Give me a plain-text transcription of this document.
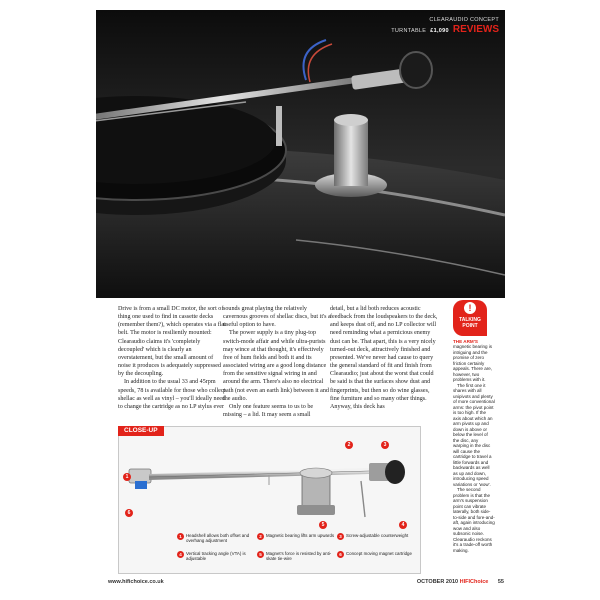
CLEARAUDIO CONCEPT
TURNTABLE £1,090 REVIEWS

Drive is from a small DC motor, the sort of thing one used to find in cassette decks (remember them?), which operates via a flat belt. The motor is resiliently mounted: Clearaudio claims it's 'completely decoupled' which is clearly an overstatement, but the small amount of noise it produces is adequately suppressed by the decoupling.

In addition to the usual 33 and 45rpm speeds, 78 is available for those who collect shellac as well as vinyl – you'll ideally need to change the cartridge as no LP stylus ever

sounds great playing the relatively cavernous grooves of shellac discs, but it's a useful option to have.

The power supply is a tiny plug-top switch-mode affair and while ultra-purists may wince at that thought, it's effectively free of hum fields and both it and its associated wiring are a good long distance from the sensitive signal wiring in and around the arm. There's also no electrical path (not even an earth link) between it and the audio.

Only one feature seems to us to be missing – a lid. It may seem a small

detail, but a lid both reduces acoustic feedback from the loudspeakers to the deck, and keeps dust off, and no LP collector will need reminding what a pernicious enemy dust can be. That apart, this is a very nicely turned-out deck, attractively finished and presented. We've never had cause to query the general standard of fit and finish from Clearaudio; just about the worst that could be said is that the surfaces show dust and fingerprints, but then so do wine glasses, fine furniture and so many other things. Anyway, this deck has

!
TALKING
POINT
THE ARM'S

magnetic bearing is intriguing and the promise of zero friction certainly appeals. There are, however, two problems with it.

The first one it shares with all unipivots and plenty of more conventional arms: the pivot point is too high. If the axis about which an arm pivots up and down is above or below the level of the disc, any warping in the disc will cause the cartridge to travel a little forwards and backwards as well as up and down, introducing speed variations or 'wow'.

The second problem is that the arm's suspension point can vibrate laterally, both side-to-side and fore-and-aft, again introducing wow and also subsonic noise. Clearaudio reckons it's a trade-off worth making.

CLOSE-UP
1
6
2	3
4
5
1 Headshell allows both offset and overhang adjustment
2 Magnetic bearing lifts arm upwards	3 Screw-adjustable counterweight
4 Vertical tracking angle (VTA) is adjustable
5 Magnet's force is resisted by anti-skate tie-wire
6 Concept moving magnet cartridge
www.hifichoice.co.uk	OCTOBER 2010 HIFIChoice 55
